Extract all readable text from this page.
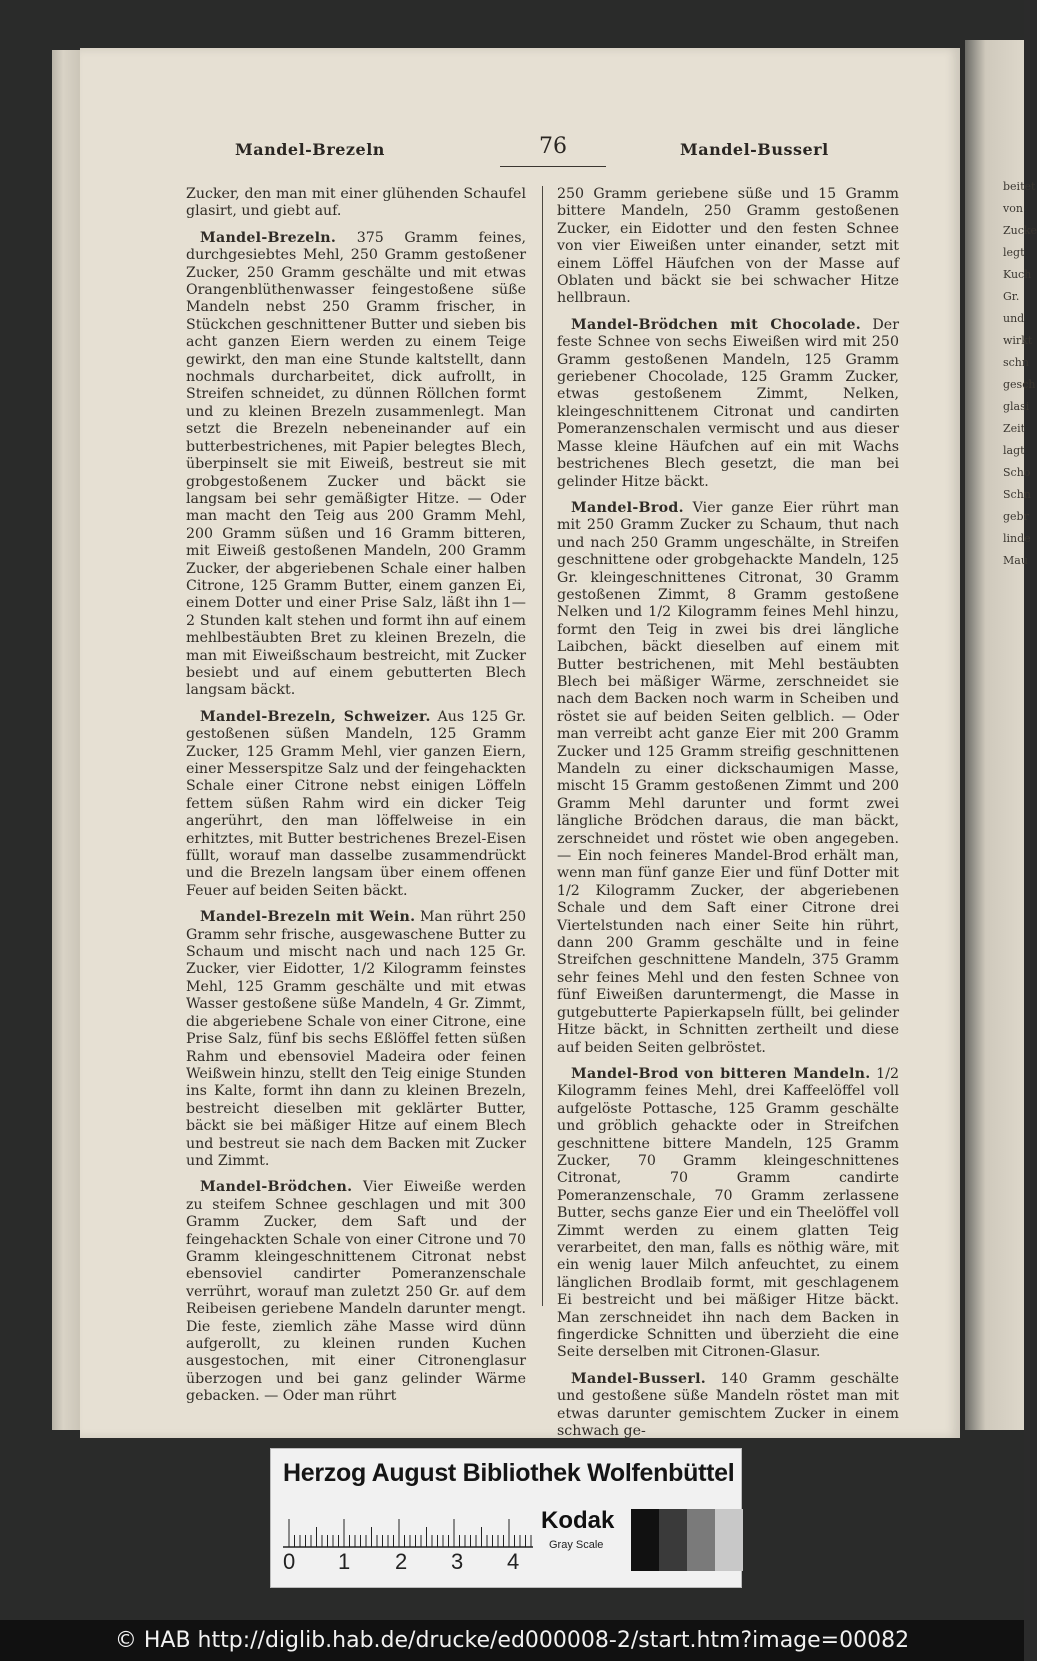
beitet
von
Zucke
legt
Kuch
Gr.
und
wirkt
schn
gesch
glasi
Zeit
lagt
Scho
Schn
gebr
linde
Mau
Mandel-Brezeln	76	Mandel-Busserl

Zucker, den man mit einer glühenden Schaufel glasirt, und giebt auf.

Mandel-Brezeln. 375 Gramm feines, durchgesiebtes Mehl, 250 Gramm gestoßener Zucker, 250 Gramm geschälte und mit etwas Orangenblüthenwasser feingestoßene süße Mandeln nebst 250 Gramm frischer, in Stückchen geschnittener Butter und sieben bis acht ganzen Eiern werden zu einem Teige gewirkt, den man eine Stunde kaltstellt, dann nochmals durcharbeitet, dick aufrollt, in Streifen schneidet, zu dünnen Röllchen formt und zu kleinen Brezeln zusammenlegt. Man setzt die Brezeln nebeneinander auf ein butterbestrichenes, mit Papier belegtes Blech, überpinselt sie mit Eiweiß, bestreut sie mit grobgestoßenem Zucker und bäckt sie langsam bei sehr gemäßigter Hitze. — Oder man macht den Teig aus 200 Gramm Mehl, 200 Gramm süßen und 16 Gramm bitteren, mit Eiweiß gestoßenen Mandeln, 200 Gramm Zucker, der abgeriebenen Schale einer halben Citrone, 125 Gramm Butter, einem ganzen Ei, einem Dotter und einer Prise Salz, läßt ihn 1—2 Stunden kalt stehen und formt ihn auf einem mehlbestäubten Bret zu kleinen Brezeln, die man mit Eiweißschaum bestreicht, mit Zucker besiebt und auf einem gebutterten Blech langsam bäckt.

Mandel-Brezeln, Schweizer. Aus 125 Gr. gestoßenen süßen Mandeln, 125 Gramm Zucker, 125 Gramm Mehl, vier ganzen Eiern, einer Messerspitze Salz und der feingehackten Schale einer Citrone nebst einigen Löffeln fettem süßen Rahm wird ein dicker Teig angerührt, den man löffelweise in ein erhitztes, mit Butter bestrichenes Brezel-Eisen füllt, worauf man dasselbe zusammendrückt und die Brezeln langsam über einem offenen Feuer auf beiden Seiten bäckt.

Mandel-Brezeln mit Wein. Man rührt 250 Gramm sehr frische, ausgewaschene Butter zu Schaum und mischt nach und nach 125 Gr. Zucker, vier Eidotter, 1/2 Kilogramm feinstes Mehl, 125 Gramm geschälte und mit etwas Wasser gestoßene süße Mandeln, 4 Gr. Zimmt, die abgeriebene Schale von einer Citrone, eine Prise Salz, fünf bis sechs Eßlöffel fetten süßen Rahm und ebensoviel Madeira oder feinen Weißwein hinzu, stellt den Teig einige Stunden ins Kalte, formt ihn dann zu kleinen Brezeln, bestreicht dieselben mit geklärter Butter, bäckt sie bei mäßiger Hitze auf einem Blech und bestreut sie nach dem Backen mit Zucker und Zimmt.

Mandel-Brödchen. Vier Eiweiße werden zu steifem Schnee geschlagen und mit 300 Gramm Zucker, dem Saft und der feingehackten Schale von einer Citrone und 70 Gramm kleingeschnittenem Citronat nebst ebensoviel candirter Pomeranzenschale verrührt, worauf man zuletzt 250 Gr. auf dem Reibeisen geriebene Mandeln darunter mengt. Die feste, ziemlich zähe Masse wird dünn aufgerollt, zu kleinen runden Kuchen ausgestochen, mit einer Citronenglasur überzogen und bei ganz gelinder Wärme gebacken. — Oder man rührt

250 Gramm geriebene süße und 15 Gramm bittere Mandeln, 250 Gramm gestoßenen Zucker, ein Eidotter und den festen Schnee von vier Eiweißen unter einander, setzt mit einem Löffel Häufchen von der Masse auf Oblaten und bäckt sie bei schwacher Hitze hellbraun.

Mandel-Brödchen mit Chocolade. Der feste Schnee von sechs Eiweißen wird mit 250 Gramm gestoßenen Mandeln, 125 Gramm geriebener Chocolade, 125 Gramm Zucker, etwas gestoßenem Zimmt, Nelken, kleingeschnittenem Citronat und candirten Pomeranzenschalen vermischt und aus dieser Masse kleine Häufchen auf ein mit Wachs bestrichenes Blech gesetzt, die man bei gelinder Hitze bäckt.

Mandel-Brod. Vier ganze Eier rührt man mit 250 Gramm Zucker zu Schaum, thut nach und nach 250 Gramm ungeschälte, in Streifen geschnittene oder grobgehackte Mandeln, 125 Gr. kleingeschnittenes Citronat, 30 Gramm gestoßenen Zimmt, 8 Gramm gestoßene Nelken und 1/2 Kilogramm feines Mehl hinzu, formt den Teig in zwei bis drei längliche Laibchen, bäckt dieselben auf einem mit Butter bestrichenen, mit Mehl bestäubten Blech bei mäßiger Wärme, zerschneidet sie nach dem Backen noch warm in Scheiben und röstet sie auf beiden Seiten gelblich. — Oder man verreibt acht ganze Eier mit 200 Gramm Zucker und 125 Gramm streifig geschnittenen Mandeln zu einer dickschaumigen Masse, mischt 15 Gramm gestoßenen Zimmt und 200 Gramm Mehl darunter und formt zwei längliche Brödchen daraus, die man bäckt, zerschneidet und röstet wie oben angegeben. — Ein noch feineres Mandel-Brod erhält man, wenn man fünf ganze Eier und fünf Dotter mit 1/2 Kilogramm Zucker, der abgeriebenen Schale und dem Saft einer Citrone drei Viertelstunden nach einer Seite hin rührt, dann 200 Gramm geschälte und in feine Streifchen geschnittene Mandeln, 375 Gramm sehr feines Mehl und den festen Schnee von fünf Eiweißen daruntermengt, die Masse in gutgebutterte Papierkapseln füllt, bei gelinder Hitze bäckt, in Schnitten zertheilt und diese auf beiden Seiten gelbröstet.

Mandel-Brod von bitteren Mandeln. 1/2 Kilogramm feines Mehl, drei Kaffeelöffel voll aufgelöste Pottasche, 125 Gramm geschälte und gröblich gehackte oder in Streifchen geschnittene bittere Mandeln, 125 Gramm Zucker, 70 Gramm kleingeschnittenes Citronat, 70 Gramm candirte Pomeranzenschale, 70 Gramm zerlassene Butter, sechs ganze Eier und ein Theelöffel voll Zimmt werden zu einem glatten Teig verarbeitet, den man, falls es nöthig wäre, mit ein wenig lauer Milch anfeuchtet, zu einem länglichen Brodlaib formt, mit geschlagenem Ei bestreicht und bei mäßiger Hitze bäckt. Man zerschneidet ihn nach dem Backen in fingerdicke Schnitten und überzieht die eine Seite derselben mit Citronen-Glasur.

Mandel-Busserl. 140 Gramm geschälte und gestoßene süße Mandeln röstet man mit etwas darunter gemischtem Zucker in einem schwach ge-

Herzog August Bibliothek Wolfenbüttel
0 1 2 3 4
Kodak
Gray Scale
© HAB http://diglib.hab.de/drucke/ed000008-2/start.htm?image=00082
